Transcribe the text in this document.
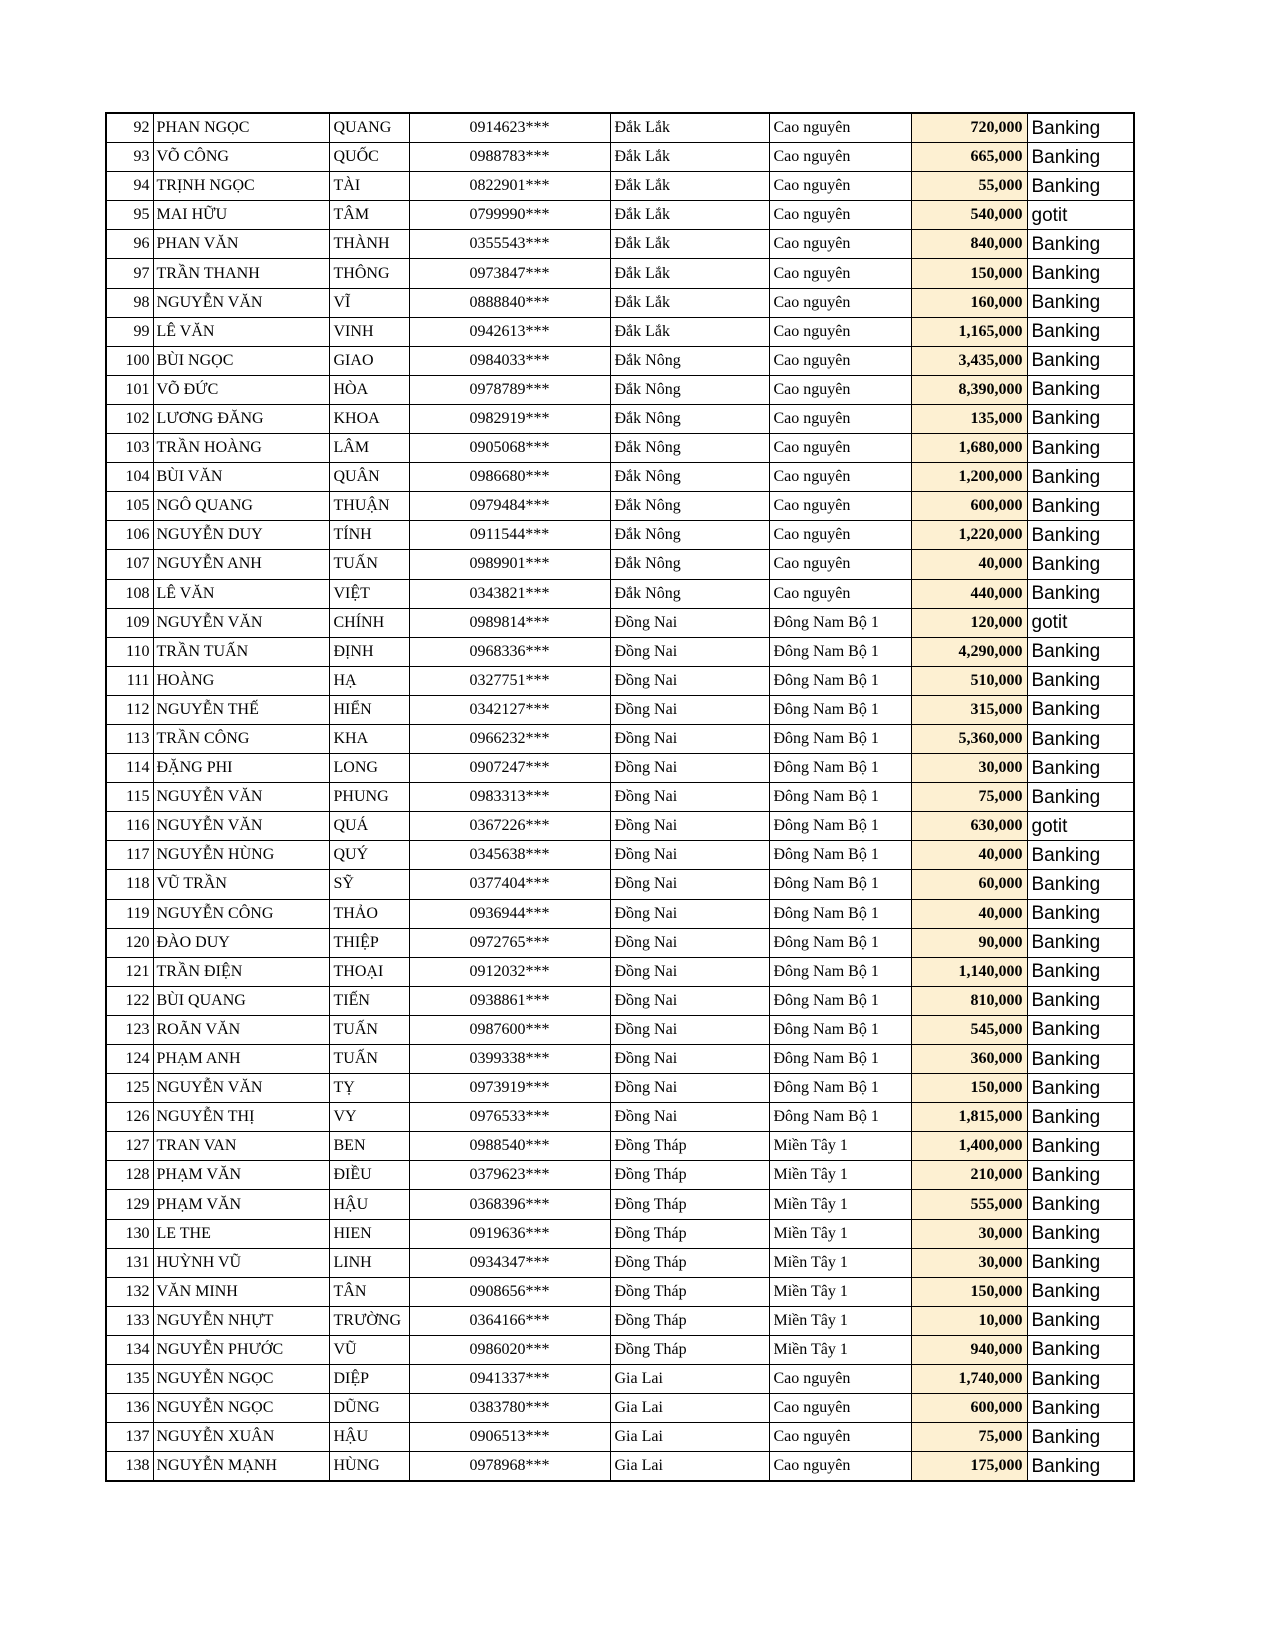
92	PHAN NGỌC	QUANG	0914623***	Đắk Lắk	Cao nguyên	720,000	Banking
93	VÕ CÔNG	QUỐC	0988783***	Đắk Lắk	Cao nguyên	665,000	Banking
94	TRỊNH NGỌC	TÀI	0822901***	Đắk Lắk	Cao nguyên	55,000	Banking
95	MAI HỮU	TÂM	0799990***	Đắk Lắk	Cao nguyên	540,000	gotit
96	PHAN VĂN	THÀNH	0355543***	Đắk Lắk	Cao nguyên	840,000	Banking
97	TRẦN THANH	THÔNG	0973847***	Đắk Lắk	Cao nguyên	150,000	Banking
98	NGUYỄN VĂN	VĨ	0888840***	Đắk Lắk	Cao nguyên	160,000	Banking
99	LÊ VĂN	VINH	0942613***	Đắk Lắk	Cao nguyên	1,165,000	Banking
100	BÙI NGỌC	GIAO	0984033***	Đắk Nông	Cao nguyên	3,435,000	Banking
101	VÕ ĐỨC	HÒA	0978789***	Đắk Nông	Cao nguyên	8,390,000	Banking
102	LƯƠNG ĐĂNG	KHOA	0982919***	Đắk Nông	Cao nguyên	135,000	Banking
103	TRẦN HOÀNG	LÂM	0905068***	Đắk Nông	Cao nguyên	1,680,000	Banking
104	BÙI VĂN	QUÂN	0986680***	Đắk Nông	Cao nguyên	1,200,000	Banking
105	NGÔ QUANG	THUẬN	0979484***	Đắk Nông	Cao nguyên	600,000	Banking
106	NGUYỄN DUY	TÍNH	0911544***	Đắk Nông	Cao nguyên	1,220,000	Banking
107	NGUYỄN ANH	TUẤN	0989901***	Đắk Nông	Cao nguyên	40,000	Banking
108	LÊ VĂN	VIỆT	0343821***	Đắk Nông	Cao nguyên	440,000	Banking
109	NGUYỄN VĂN	CHÍNH	0989814***	Đồng Nai	Đông Nam Bộ 1	120,000	gotit
110	TRẦN TUẤN	ĐỊNH	0968336***	Đồng Nai	Đông Nam Bộ 1	4,290,000	Banking
111	HOÀNG	HẠ	0327751***	Đồng Nai	Đông Nam Bộ 1	510,000	Banking
112	NGUYỄN THẾ	HIỂN	0342127***	Đồng Nai	Đông Nam Bộ 1	315,000	Banking
113	TRẦN CÔNG	KHA	0966232***	Đồng Nai	Đông Nam Bộ 1	5,360,000	Banking
114	ĐẶNG PHI	LONG	0907247***	Đồng Nai	Đông Nam Bộ 1	30,000	Banking
115	NGUYỄN VĂN	PHUNG	0983313***	Đồng Nai	Đông Nam Bộ 1	75,000	Banking
116	NGUYỄN VĂN	QUÁ	0367226***	Đồng Nai	Đông Nam Bộ 1	630,000	gotit
117	NGUYỄN HÙNG	QUÝ	0345638***	Đồng Nai	Đông Nam Bộ 1	40,000	Banking
118	VŨ TRẦN	SỸ	0377404***	Đồng Nai	Đông Nam Bộ 1	60,000	Banking
119	NGUYỄN CÔNG	THẢO	0936944***	Đồng Nai	Đông Nam Bộ 1	40,000	Banking
120	ĐÀO DUY	THIỆP	0972765***	Đồng Nai	Đông Nam Bộ 1	90,000	Banking
121	TRẦN ĐIỆN	THOẠI	0912032***	Đồng Nai	Đông Nam Bộ 1	1,140,000	Banking
122	BÙI QUANG	TIẾN	0938861***	Đồng Nai	Đông Nam Bộ 1	810,000	Banking
123	ROÃN VĂN	TUẤN	0987600***	Đồng Nai	Đông Nam Bộ 1	545,000	Banking
124	PHẠM ANH	TUẤN	0399338***	Đồng Nai	Đông Nam Bộ 1	360,000	Banking
125	NGUYỄN VĂN	TỴ	0973919***	Đồng Nai	Đông Nam Bộ 1	150,000	Banking
126	NGUYỄN THỊ	VY	0976533***	Đồng Nai	Đông Nam Bộ 1	1,815,000	Banking
127	TRAN VAN	BEN	0988540***	Đồng Tháp	Miền Tây 1	1,400,000	Banking
128	PHẠM VĂN	ĐIỀU	0379623***	Đồng Tháp	Miền Tây 1	210,000	Banking
129	PHẠM VĂN	HẬU	0368396***	Đồng Tháp	Miền Tây 1	555,000	Banking
130	LE THE	HIEN	0919636***	Đồng Tháp	Miền Tây 1	30,000	Banking
131	HUỲNH VŨ	LINH	0934347***	Đồng Tháp	Miền Tây 1	30,000	Banking
132	VĂN MINH	TÂN	0908656***	Đồng Tháp	Miền Tây 1	150,000	Banking
133	NGUYỄN NHỰT	TRƯỜNG	0364166***	Đồng Tháp	Miền Tây 1	10,000	Banking
134	NGUYỄN PHƯỚC	VŨ	0986020***	Đồng Tháp	Miền Tây 1	940,000	Banking
135	NGUYỄN NGỌC	DIỆP	0941337***	Gia Lai	Cao nguyên	1,740,000	Banking
136	NGUYỄN NGỌC	DŨNG	0383780***	Gia Lai	Cao nguyên	600,000	Banking
137	NGUYỄN XUÂN	HẬU	0906513***	Gia Lai	Cao nguyên	75,000	Banking
138	NGUYỄN MẠNH	HÙNG	0978968***	Gia Lai	Cao nguyên	175,000	Banking
